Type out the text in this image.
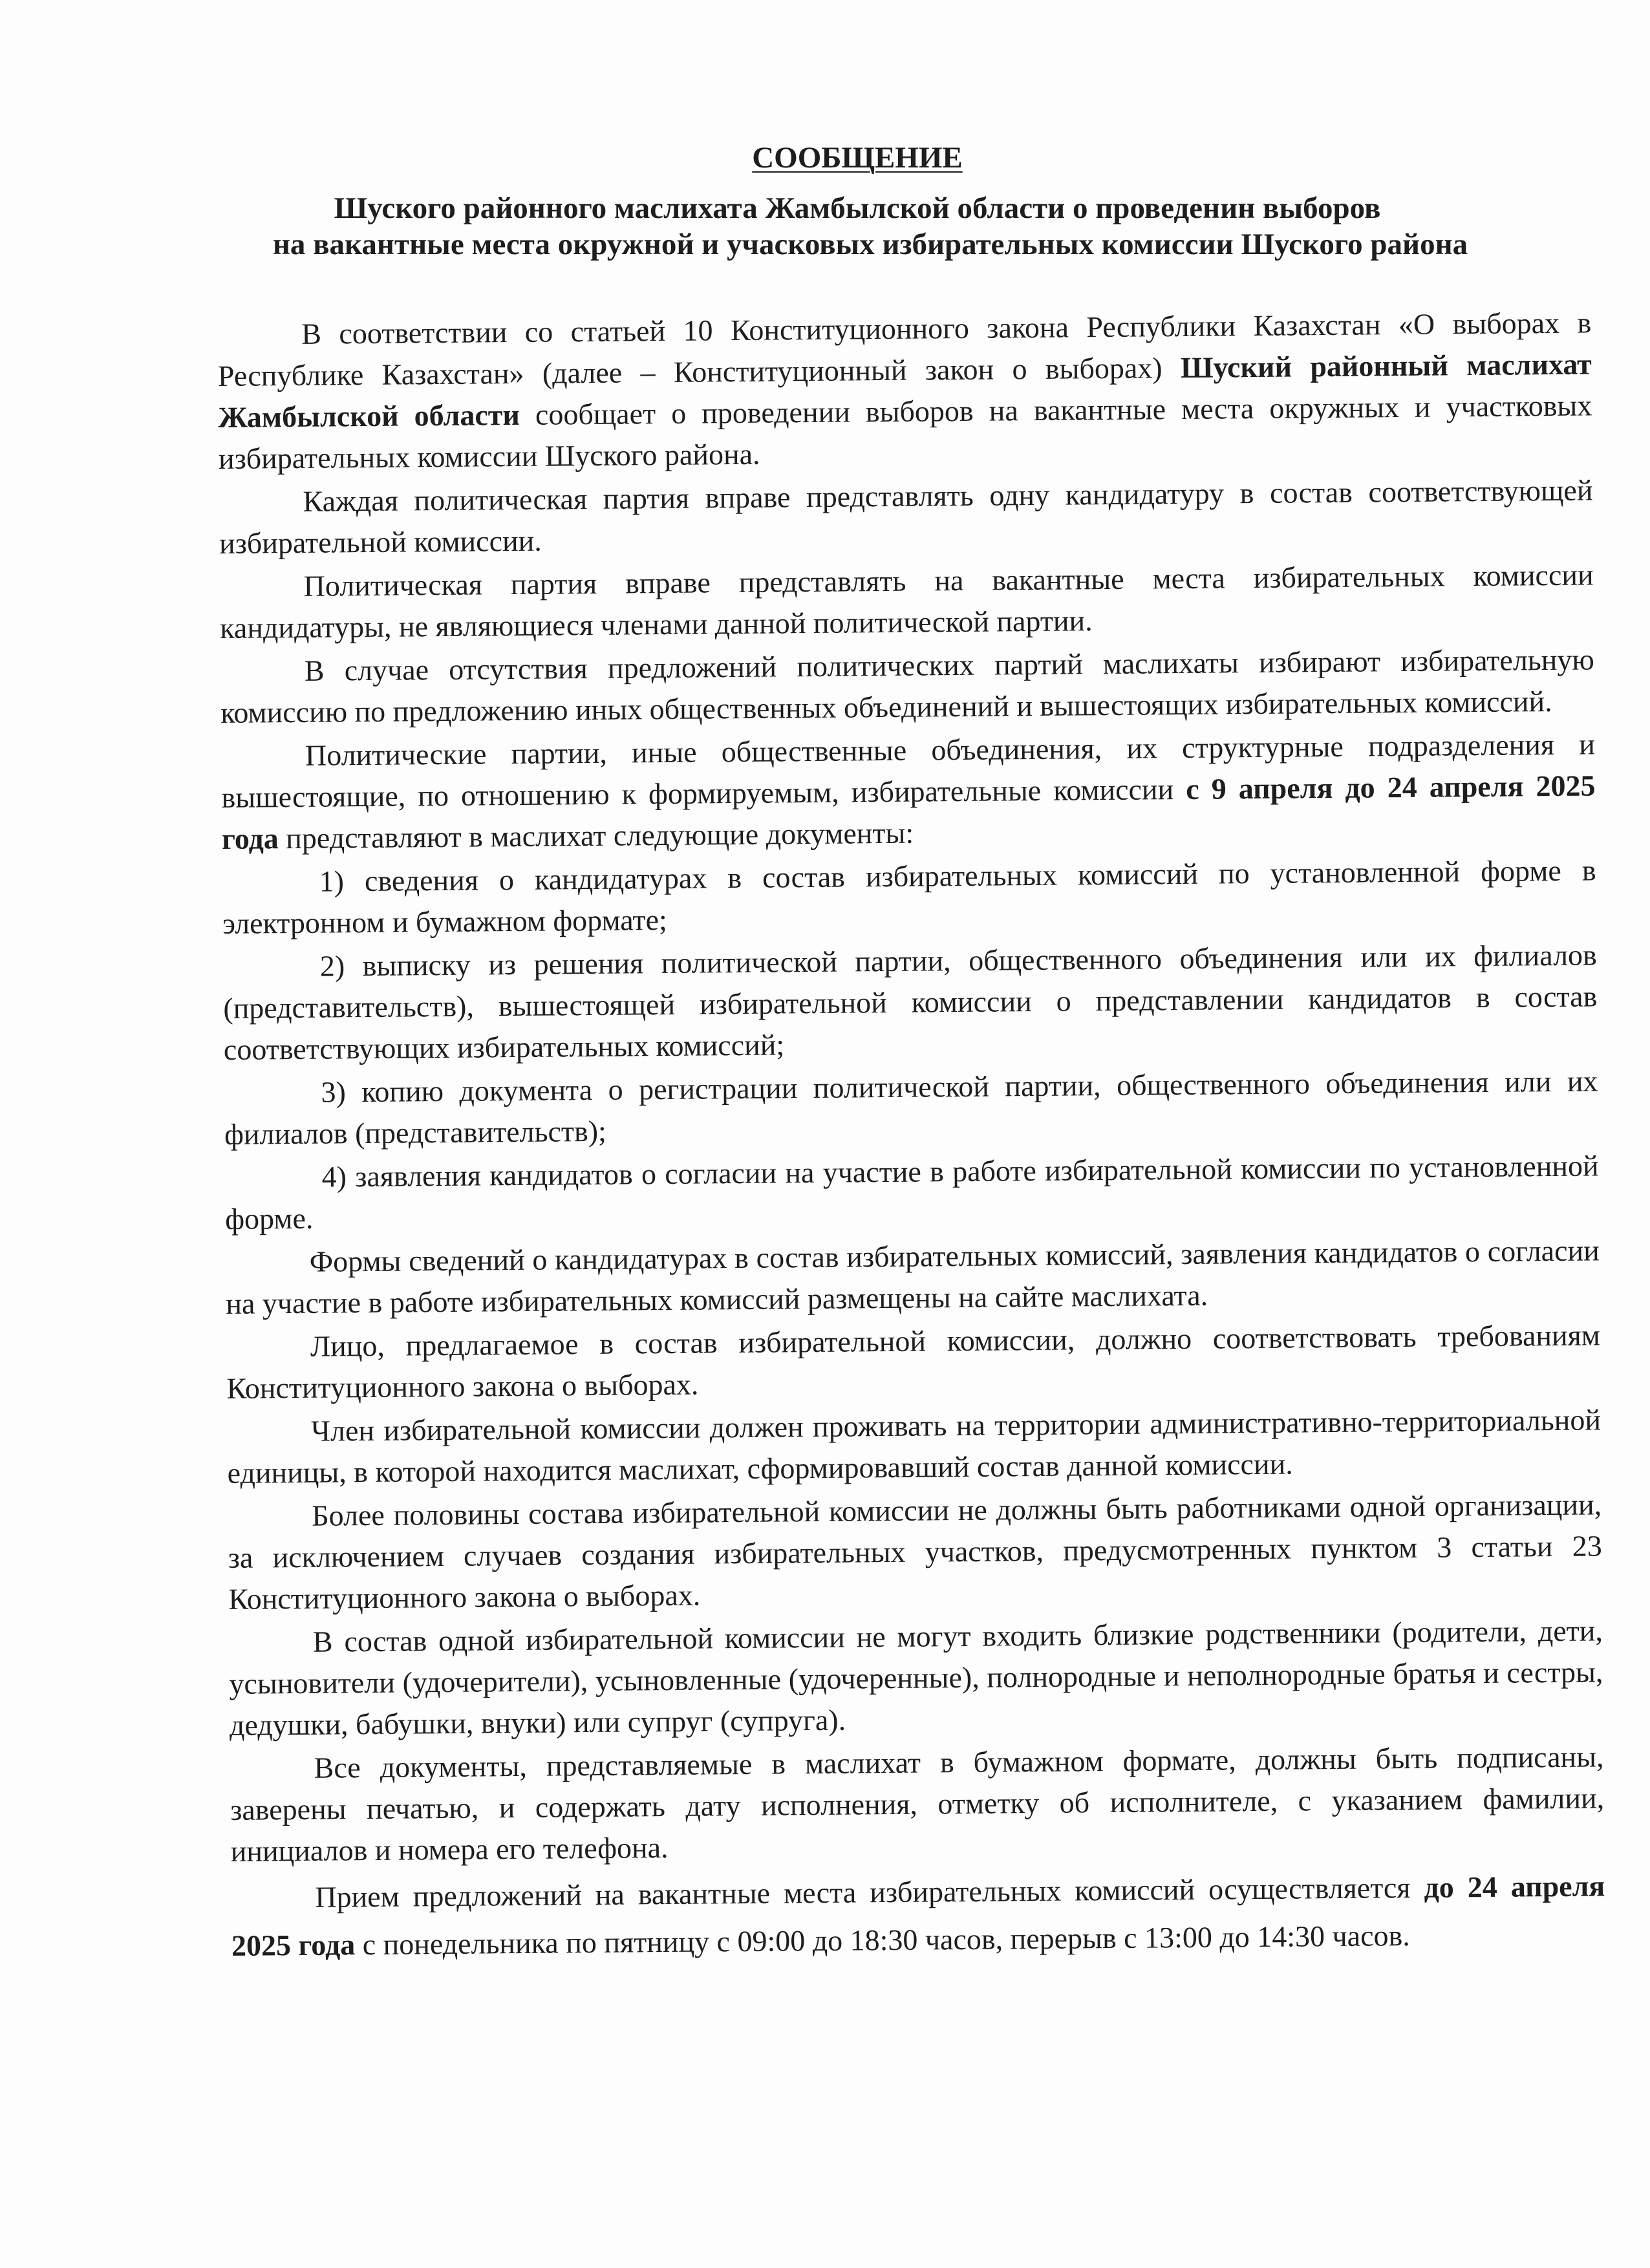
СООБЩЕНИЕ
Шуского районного маслихата Жамбылской области о проведенин выборов
на вакантные места окружной и учасковых избирательных комиссии Шуского района

В соответствии со статьей 10 Конституционного закона Республики Казахстан «О выборах в Республике Казахстан» (далее – Конституционный закон о выборах) Шуский районный маслихат Жамбылской области сообщает о проведении выборов на вакантные места окружных и участковых избирательных комиссии Шуского района.

Каждая политическая партия вправе представлять одну кандидатуру в состав соответствующей избирательной комиссии.

Политическая партия вправе представлять на вакантные места избирательных комиссии кандидатуры, не являющиеся членами данной политической партии.

В случае отсутствия предложений политических партий маслихаты избирают избирательную комиссию по предложению иных общественных объединений и вышестоящих избирательных комиссий.

Политические партии, иные общественные объединения, их структурные подразделения и вышестоящие, по отношению к формируемым, избирательные комиссии с 9 апреля до 24 апреля 2025 года представляют в маслихат следующие документы:

1) сведения о кандидатурах в состав избирательных комиссий по установленной форме в электронном и бумажном формате;

2) выписку из решения политической партии, общественного объединения или их филиалов (представительств), вышестоящей избирательной комиссии о представлении кандидатов в состав соответствующих избирательных комиссий;

3) копию документа о регистрации политической партии, общественного объединения или их филиалов (представительств);

4) заявления кандидатов о согласии на участие в работе избирательной комиссии по установленной форме.

Формы сведений о кандидатурах в состав избирательных комиссий, заявления кандидатов о согласии на участие в работе избирательных комиссий размещены на сайте маслихата.

Лицо, предлагаемое в состав избирательной комиссии, должно соответствовать требованиям Конституционного закона о выборах.

Член избирательной комиссии должен проживать на территории административно-территориальной единицы, в которой находится маслихат, сформировавший состав данной комиссии.

Более половины состава избирательной комиссии не должны быть работниками одной организации, за исключением случаев создания избирательных участков, предусмотренных пунктом 3 статьи 23 Конституционного закона о выборах.

В состав одной избирательной комиссии не могут входить близкие родственники (родители, дети, усыновители (удочерители), усыновленные (удочеренные), полнородные и неполнородные братья и сестры, дедушки, бабушки, внуки) или супруг (супруга).

Все документы, представляемые в маслихат в бумажном формате, должны быть подписаны, заверены печатью, и содержать дату исполнения, отметку об исполнителе, с указанием фамилии, инициалов и номера его телефона.

Прием предложений на вакантные места избирательных комиссий осуществляется до 24 апреля 2025 года с понедельника по пятницу с 09:00 до 18:30 часов, перерыв с 13:00 до 14:30 часов.
